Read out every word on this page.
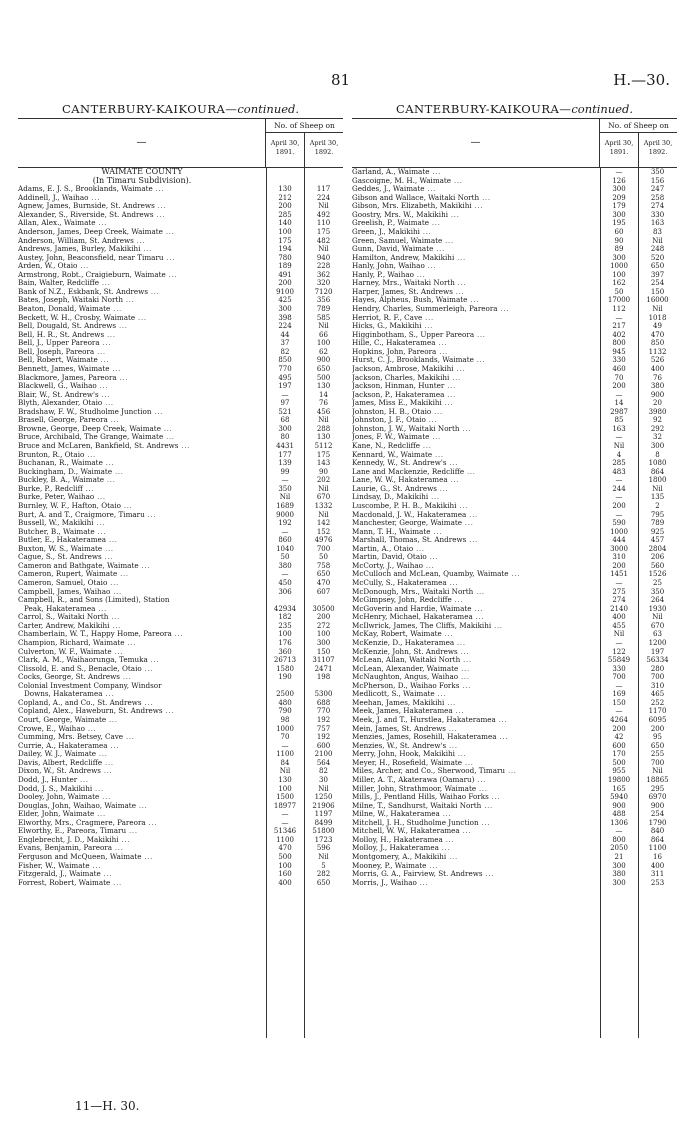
81	H.—30.
CANTERBURY-KAIKOURA—continued.
—
No. of Sheep on
April 30,
1891.
April 30,
1892.
WAIMATE COUNTY
(In Timaru Subdivision).
Adams, E. J. S., Brooklands, Waimate ...	130	117
Addinell, J., Waihao ...	212	224
Agnew, James, Burnside, St. Andrews ...	200	Nil
Alexander, S., Riverside, St. Andrews ...	285	492
Allan, Alex., Waimate ...	140	110
Anderson, James, Deep Creek, Waimate ...	100	175
Anderson, William, St. Andrews ...	175	482
Andrews, James, Burley, Makikihi ...	194	Nil
Austey, John, Beaconsfield, near Timaru ...	780	940
Arden, W., Otaio ...	189	228
Armstrong, Robt., Craigieburn, Waimate ...	491	362
Bain, Walter, Redcliffe ...	200	320
Bank of N.Z., Eskbank, St. Andrews ...	9100	7120
Bates, Joseph, Waitaki North ...	425	356
Beaton, Donald, Waimate ...	300	789
Beckett, W. H., Crosby, Waimate ...	398	585
Bell, Dougald, St. Andrews ...	224	Nil
Bell, H. R., St. Andrews ...	44	66
Bell, J., Upper Pareora ...	37	100
Bell, Joseph, Pareora ...	82	62
Bell, Robert, Waimate ...	850	900
Bennett, James, Waimate ...	770	650
Blackmore, James, Pareora ...	495	500
Blackwell, G., Waihao ...	197	130
Blair, W., St. Andrew's ...	—	14
Blyth, Alexander, Otaio ...	97	76
Bradshaw, F. W., Studholme Junction ...	521	456
Brasell, George, Pareora ...	68	Nil
Browne, George, Deep Creek, Waimate ...	300	288
Bruce, Archibald, The Grange, Waimate ...	80	130
Bruce and McLaren, Bankfield, St. Andrews ...	4431	5112
Brunton, R., Otaio ...	177	175
Buchanan, R., Waimate ...	139	143
Buckingham, D., Waimate ...	99	90
Buckley, B. A., Waimate ...	—	202
Burke, P., Redcliff ...	350	Nil
Burke, Peter, Waihao ...	Nil	670
Burnley, W. F., Hafton, Otaio ...	1689	1332
Burt, A. and T., Craigmore, Timaru ...	9000	Nil
Bussell, W., Makikihi ...	192	142
Butcher, B., Waimate ...	—	152
Butler, E., Hakateramea ...	860	4976
Buxton, W. S., Waimate ...	1040	700
Cague, S., St. Andrews ...	50	50
Cameron and Bathgate, Waimate ...	380	758
Cameron, Rupert, Waimate ...	—	650
Cameron, Samuel, Otaio ...	450	470
Campbell, James, Waihao ...	306	607
Campbell, R., and Sons (Limited), Station
Peak, Hakateramea ...	42934	30500
Carrol, S., Waitaki North ...	182	200
Carter, Andrew, Makikihi ...	235	272
Chamberlain, W. T., Happy Home, Pareora ...	100	100
Champion, Richard, Waimate ...	176	300
Culverton, W. F., Waimate ...	360	150
Clark, A. M., Waihaorunga, Temuka ...	26713	31107
Clissold, E. and S., Benacle, Otaio ...	1580	2471
Cocks, George, St. Andrews ...	190	198
Colonial Investment Company, Windsor
Downs, Hakateramea ...	2500	5300
Copland, A., and Co., St. Andrews ...	480	688
Copland, Alex., Haweburn, St. Andrews ...	790	770
Court, George, Waimate ...	98	192
Crowe, E., Waihao ...	1000	757
Cumming, Mrs. Betsey, Cave ...	70	192
Currie, A., Hakateramea ...	—	600
Dailey, W. J., Waimate ...	1100	2100
Davis, Albert, Redcliffe ...	84	564
Dixon, W., St. Andrews ...	Nil	82
Dodd, J., Hunter ...	130	30
Dodd, J. S., Makikihi ...	100	Nil
Dooley, John, Waimate ...	1500	1250
Douglas, John, Waihao, Waimate ...	18977	21906
Elder, John, Waimate ...	—	1197
Elworthy, Mrs., Cragmere, Pareora ...	—	8499
Elworthy, E., Pareora, Timaru ...	51346	51800
Englebrecht, J. D., Makikihi ...	1100	1723
Evans, Benjamin, Pareora ...	470	596
Ferguson and McQueen, Waimate ...	500	Nil
Fisher, W., Waimate ...	100	5
Fitzgerald, J., Waimate ...	160	282
Forrest, Robert, Waimate ...	400	650
CANTERBURY-KAIKOURA—continued.
—
No. of Sheep on
April 30,
1891.
April 30,
1892.
Garland, A., Waimate ...	—	350
Gascoigne, M. H., Waimate ...	126	156
Geddes, J., Waimate ...	300	247
Gibson and Wallace, Waitaki North ...	209	258
Gibson, Mrs. Elizabeth, Makikihi ...	179	274
Goostry, Mrs. W., Makikihi ...	300	330
Greelish, P., Waimate ...	195	163
Green, J., Makikihi ...	60	83
Green, Samuel, Waimate ...	90	Nil
Gunn, David, Waimate ...	89	248
Hamilton, Andrew, Makikihi ...	300	520
Hanly, John, Waihao ...	1000	650
Hanly, P., Waihao ...	100	397
Harney, Mrs., Waitaki North ...	162	254
Harper, James, St. Andrews ...	50	150
Hayes, Alpheus, Bush, Waimate ...	17000	16000
Hendry, Charles, Summerleigh, Pareora ...	112	Nil
Herriot, R. F., Cave ...	—	1018
Hicks, G., Makikihi ...	217	49
Higginbotham, S., Upper Pareora ...	402	470
Hille, C., Hakateramea ...	800	850
Hopkins, John, Pareora ...	945	1132
Hurst, C. J., Brooklands, Waimate ...	330	526
Jackson, Ambrose, Makikihi ...	460	400
Jackson, Charles, Makikihi ...	70	76
Jackson, Hinman, Hunter ...	200	380
Jackson, P., Hakateramea ...	—	900
James, Miss E., Makikihi ...	14	20
Johnston, H. B., Otaio ...	2987	3980
Johnston, J. F., Otaio ...	85	92
Johnston, J. W., Waitaki North ...	163	292
Jones, F. W., Waimate ...	—	32
Kane, N., Redcliffe ...	Nil	300
Kennard, W., Waimate ...	4	8
Kennedy, W., St. Andrew's ...	285	1080
Lane and Mackenzie, Redcliffe ...	483	864
Lane, W. W., Hakateramea ...	—	1800
Laurie, G., St. Andrews ...	244	Nil
Lindsay, D., Makikihi ...	—	135
Luscombe, P. H. B., Makikihi ...	200	2
Macdonald, J. W., Hakateramea ...	—	795
Manchester, George, Waimate ...	590	789
Mann, T. H., Waimate ...	1000	925
Marshall, Thomas, St. Andrews ...	444	457
Martin, A., Otaio ...	3000	2804
Martin, David, Otaio ...	310	206
McCorty, J., Waihao ...	200	560
McCulloch and McLean, Quamby, Waimate ...	1451	1526
McCully, S., Hakateramea ...	—	25
McDonough, Mrs., Waitaki North ...	275	350
McGimpsey, John, Redcliffe ...	274	264
McGoverin and Hardie, Waimate ...	2140	1930
McHenry, Michael, Hakateramea ...	400	Nil
McIlwrick, James, The Cliffs, Makikihi ...	455	670
McKay, Robert, Waimate ...	Nil	63
McKenzie, D., Hakateramea ...	—	1200
McKenzie, John, St. Andrews ...	122	197
McLean, Allan, Waitaki North ...	55849	56334
McLean, Alexander, Waimate ...	330	280
McNaughton, Angus, Waihao ...	700	700
McPherson, D., Waihao Forks ...	—	310
Medlicott, S., Waimate ...	169	465
Meehan, James, Makikihi ...	150	252
Meek, James, Hakateramea ...	—	1170
Meek, J. and T., Hurstlea, Hakateramea ...	4264	6095
Mein, James, St. Andrews ...	200	200
Menzies, James, Rosehill, Hakateramea ...	42	95
Menzies, W., St. Andrew's ...	600	650
Merry, John, Hook, Makikihi ...	170	255
Meyer, H., Rosefield, Waimate ...	500	700
Miles, Archer, and Co., Sherwood, Timaru ...	955	Nil
Miller, A. T., Akaterawa (Oamaru) ...	19800	18865
Miller, John, Strathmoor, Waimate ...	165	295
Mills, J., Pentland Hills, Waihao Forks ...	5940	6970
Milne, T., Sandhurst, Waitaki North ...	900	900
Milne, W., Hakateramea ...	488	254
Mitchell, J. H., Studholme Junction ...	1306	1790
Mitchell, W. W., Hakateramea ...	—	840
Molloy, H., Hakateramea ...	800	864
Molloy, J., Hakateramea ...	2050	1100
Montgomery, A., Makikihi ...	21	16
Mooney, P., Waimate ...	300	400
Morris, G. A., Fairview, St. Andrews ...	380	311
Morris, J., Waihao ...	300	253
11—H. 30.
